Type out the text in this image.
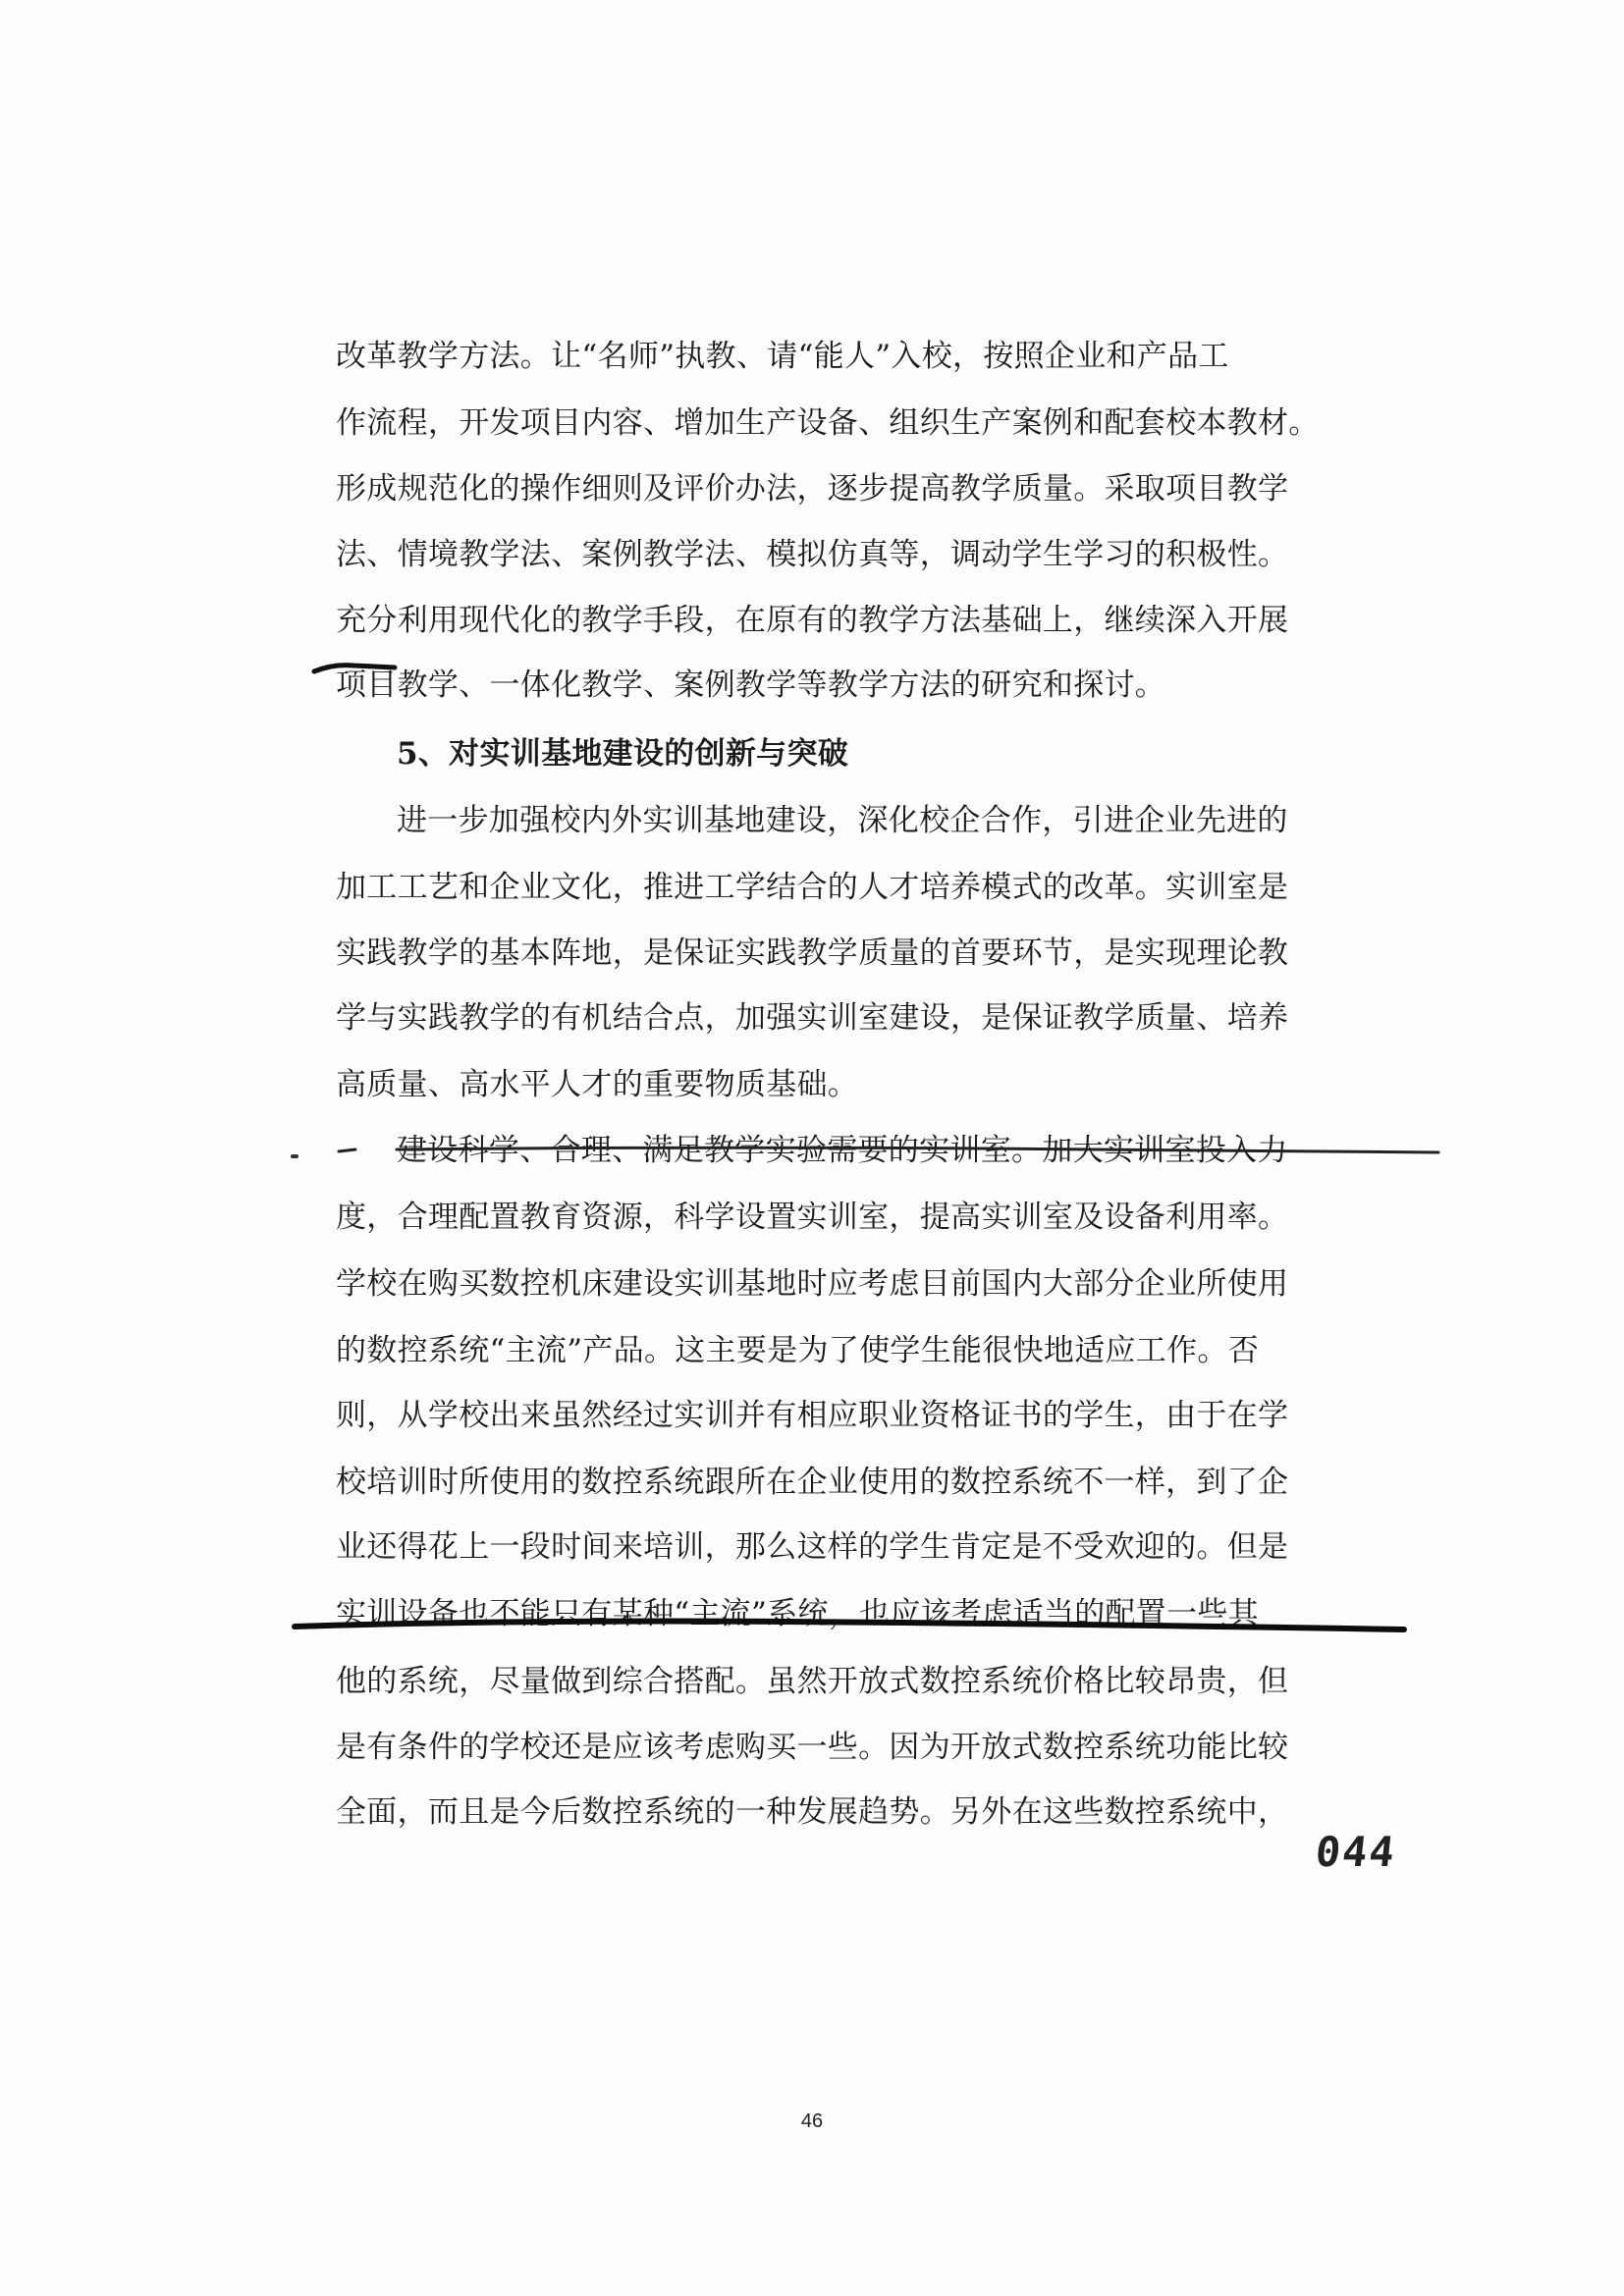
改革教学方法。让“名师”执教、请“能人”入校，按照企业和产品工
作流程，开发项目内容、增加生产设备、组织生产案例和配套校本教材。
形成规范化的操作细则及评价办法，逐步提高教学质量。采取项目教学
法、情境教学法、案例教学法、模拟仿真等，调动学生学习的积极性。
充分利用现代化的教学手段，在原有的教学方法基础上，继续深入开展
项目教学、一体化教学、案例教学等教学方法的研究和探讨。
5、对实训基地建设的创新与突破
进一步加强校内外实训基地建设，深化校企合作，引进企业先进的
加工工艺和企业文化，推进工学结合的人才培养模式的改革。实训室是
实践教学的基本阵地，是保证实践教学质量的首要环节，是实现理论教
学与实践教学的有机结合点，加强实训室建设，是保证教学质量、培养
高质量、高水平人才的重要物质基础。
建设科学、合理、满足教学实验需要的实训室。加大实训室投入力
度，合理配置教育资源，科学设置实训室，提高实训室及设备利用率。
学校在购买数控机床建设实训基地时应考虑目前国内大部分企业所使用
的数控系统“主流”产品。这主要是为了使学生能很快地适应工作。否
则，从学校出来虽然经过实训并有相应职业资格证书的学生，由于在学
校培训时所使用的数控系统跟所在企业使用的数控系统不一样，到了企
业还得花上一段时间来培训，那么这样的学生肯定是不受欢迎的。但是
实训设备也不能只有某种“主流”系统，也应该考虑适当的配置一些其
他的系统，尽量做到综合搭配。虽然开放式数控系统价格比较昂贵，但
是有条件的学校还是应该考虑购买一些。因为开放式数控系统功能比较
全面，而且是今后数控系统的一种发展趋势。另外在这些数控系统中，
044
46
